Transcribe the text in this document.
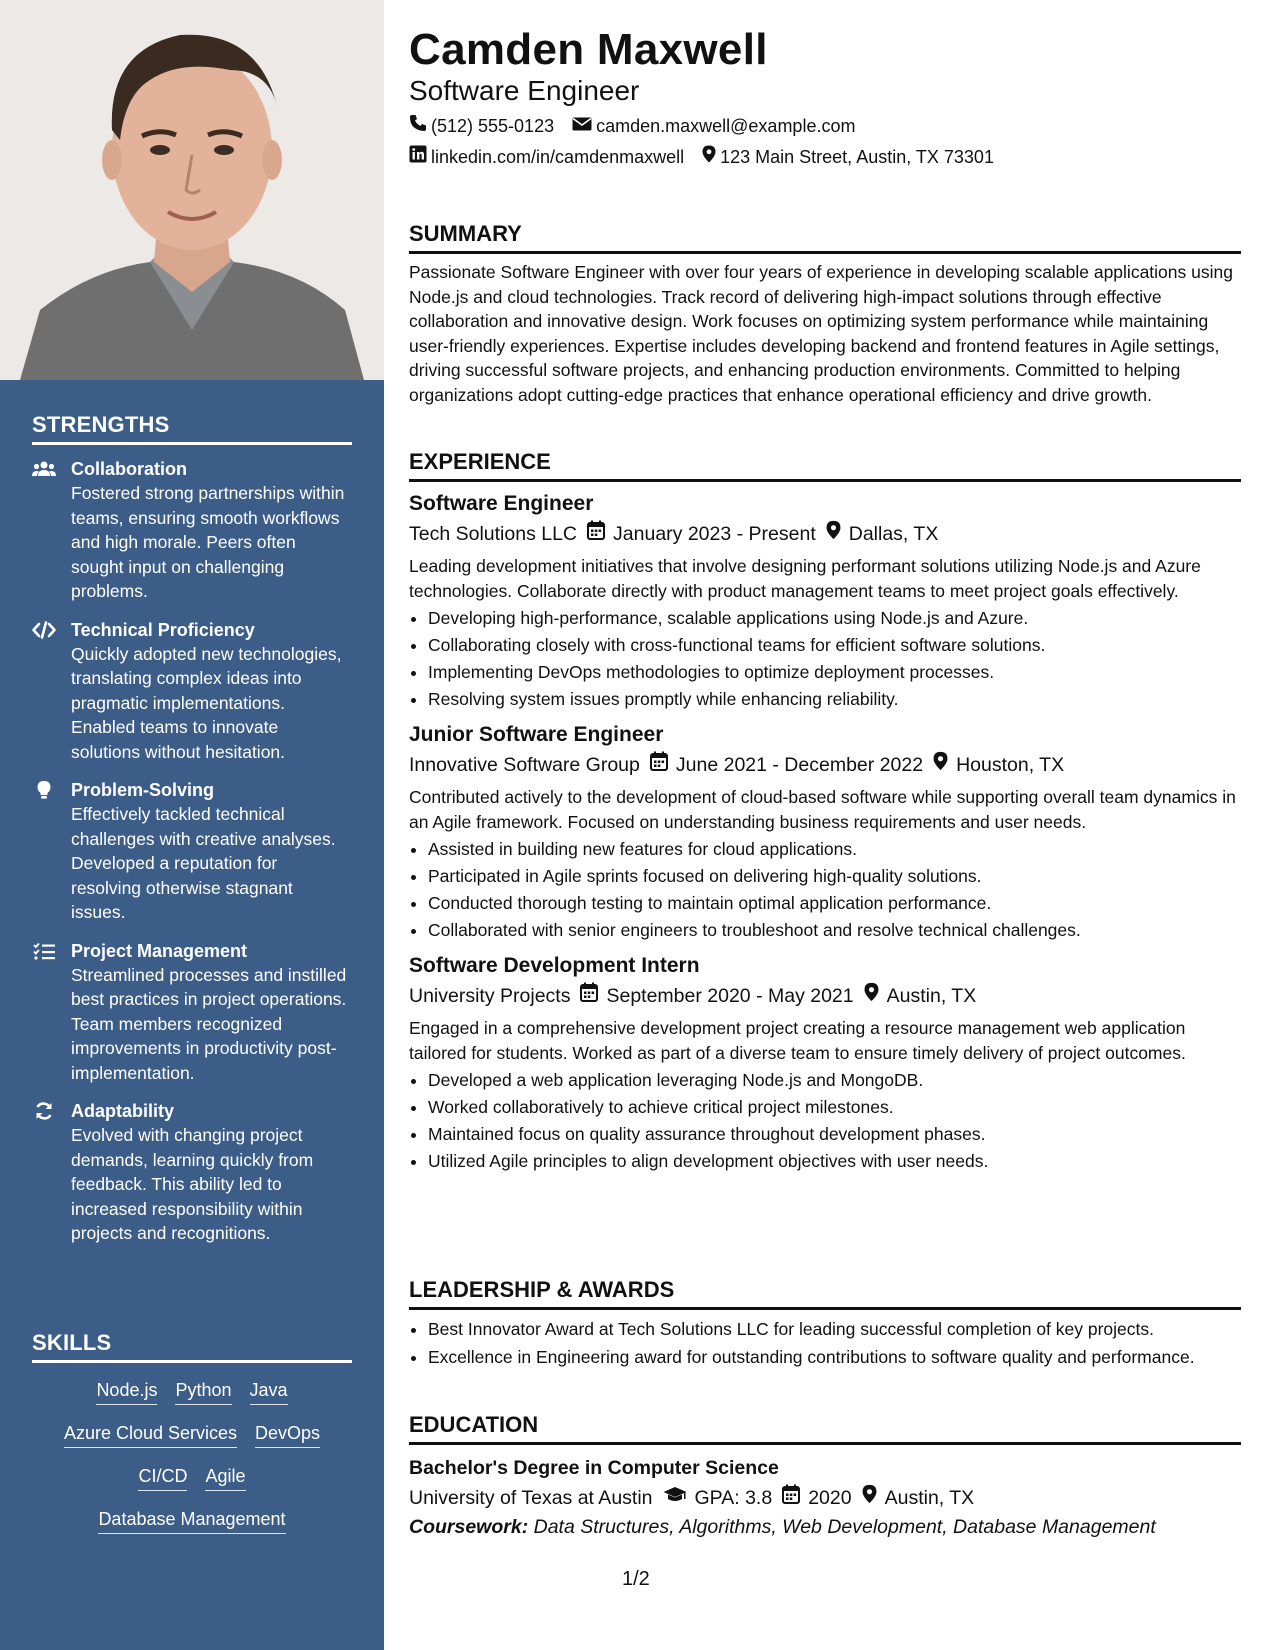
STRENGTHS
Collaboration
Fostered strong partnerships within teams, ensuring smooth workflows and high morale. Peers often sought input on challenging problems.
Technical Proficiency
Quickly adopted new technologies, translating complex ideas into pragmatic implementations. Enabled teams to innovate solutions without hesitation.
Problem-Solving
Effectively tackled technical challenges with creative analyses. Developed a reputation for resolving otherwise stagnant issues.
Project Management
Streamlined processes and instilled best practices in project operations. Team members recognized improvements in productivity post-implementation.
Adaptability
Evolved with changing project demands, learning quickly from feedback. This ability led to increased responsibility within projects and recognitions.
SKILLS
Node.js Python Java
Azure Cloud Services DevOps
CI/CD Agile
Database Management
Camden Maxwell
Software Engineer
(512) 555-0123 camden.maxwell@example.com
linkedin.com/in/camdenmaxwell 123 Main Street, Austin, TX 73301
SUMMARY

Passionate Software Engineer with over four years of experience in developing scalable applications using Node.js and cloud technologies. Track record of delivering high-impact solutions through effective collaboration and innovative design. Work focuses on optimizing system performance while maintaining user-friendly experiences. Expertise includes developing backend and frontend features in Agile settings, driving successful software projects, and enhancing production environments. Committed to helping organizations adopt cutting-edge practices that enhance operational efficiency and drive growth.

EXPERIENCE
Software Engineer
Tech Solutions LLC January 2023 - Present Dallas, TX

Leading development initiatives that involve designing performant solutions utilizing Node.js and Azure technologies. Collaborate directly with product management teams to meet project goals effectively.

• Developing high-performance, scalable applications using Node.js and Azure.
• Collaborating closely with cross-functional teams for efficient software solutions.
• Implementing DevOps methodologies to optimize deployment processes.
• Resolving system issues promptly while enhancing reliability.
Junior Software Engineer
Innovative Software Group June 2021 - December 2022 Houston, TX

Contributed actively to the development of cloud-based software while supporting overall team dynamics in an Agile framework. Focused on understanding business requirements and user needs.

• Assisted in building new features for cloud applications.
• Participated in Agile sprints focused on delivering high-quality solutions.
• Conducted thorough testing to maintain optimal application performance.
• Collaborated with senior engineers to troubleshoot and resolve technical challenges.
Software Development Intern
University Projects September 2020 - May 2021 Austin, TX

Engaged in a comprehensive development project creating a resource management web application tailored for students. Worked as part of a diverse team to ensure timely delivery of project outcomes.

• Developed a web application leveraging Node.js and MongoDB.
• Worked collaboratively to achieve critical project milestones.
• Maintained focus on quality assurance throughout development phases.
• Utilized Agile principles to align development objectives with user needs.
LEADERSHIP & AWARDS
• Best Innovator Award at Tech Solutions LLC for leading successful completion of key projects.
• Excellence in Engineering award for outstanding contributions to software quality and performance.
EDUCATION
Bachelor's Degree in Computer Science
University of Texas at Austin GPA: 3.8 2020 Austin, TX
Coursework: Data Structures, Algorithms, Web Development, Database Management
1/2
